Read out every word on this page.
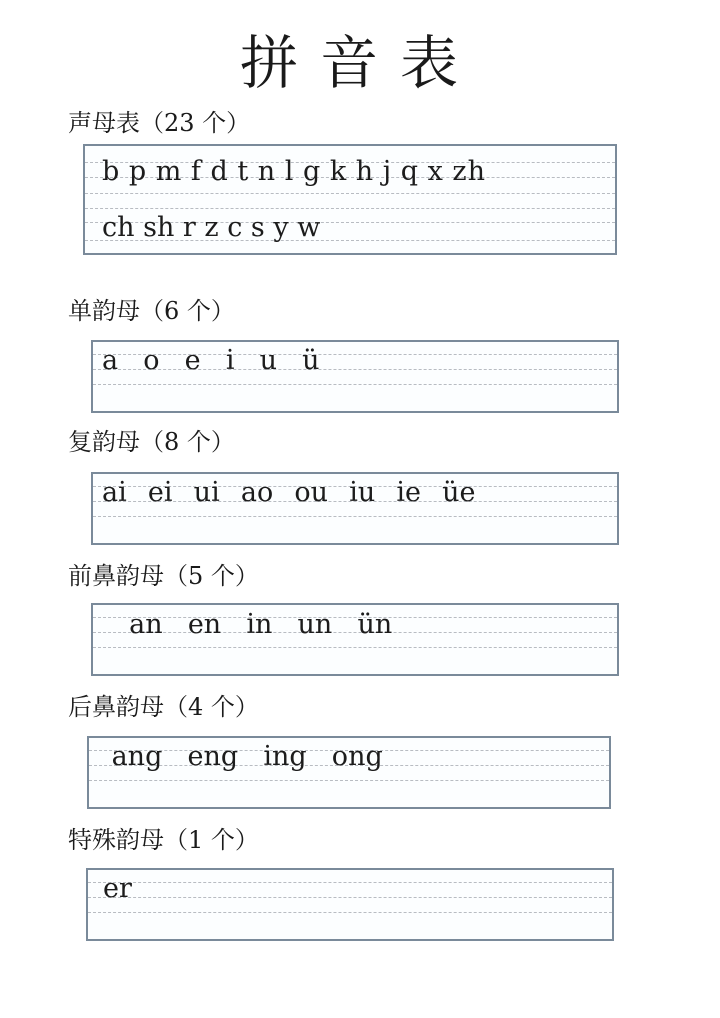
拼音表
声母表（23 个）
b p m f d t n l g k h j q x zh
ch sh r z c s y w
单韵母（6 个）
a  o  e  i  u  ü
复韵母（8 个）
ai  ei  ui  ao  ou  iu  ie  üe
前鼻韵母（5 个）
an  en  in  un  ün
后鼻韵母（4 个）
ang  eng  ing  ong
特殊韵母（1 个）
er
